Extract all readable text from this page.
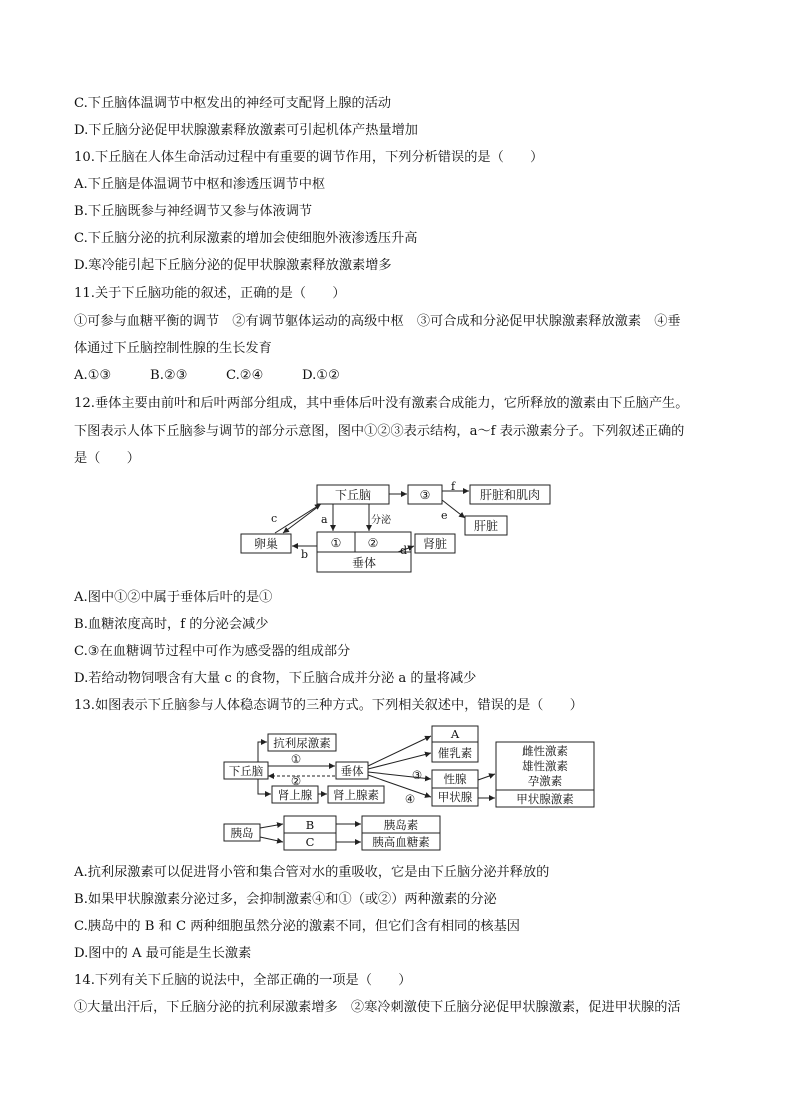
C.下丘脑体温调节中枢发出的神经可支配肾上腺的活动
D.下丘脑分泌促甲状腺激素释放激素可引起机体产热量增加
10.下丘脑在人体生命活动过程中有重要的调节作用，下列分析错误的是（　　）
A.下丘脑是体温调节中枢和渗透压调节中枢
B.下丘脑既参与神经调节又参与体液调节
C.下丘脑分泌的抗利尿激素的增加会使细胞外液渗透压升高
D.寒冷能引起下丘脑分泌的促甲状腺激素释放激素增多
11.关于下丘脑功能的叙述，正确的是（　　）
①可参与血糖平衡的调节　②有调节躯体运动的高级中枢　③可合成和分泌促甲状腺激素释放激素　④垂
体通过下丘脑控制性腺的生长发育
A.①③	B.②③	C.②④	D.①②
12.垂体主要由前叶和后叶两部分组成，其中垂体后叶没有激素合成能力，它所释放的激素由下丘脑产生。
下图表示人体下丘脑参与调节的部分示意图，图中①②③表示结构，a～f 表示激素分子。下列叙述正确的
是（　　）
下丘脑	③	肝脏和肌肉
肝脏
卵巢	① ②
垂体
肾脏
f
e
a	分泌
c
b	d
A.图中①②中属于垂体后叶的是①
B.血糖浓度高时，f 的分泌会减少
C.③在血糖调节过程中可作为感受器的组成部分
D.若给动物饲喂含有大量 c 的食物，下丘脑合成并分泌 a 的量将减少
13.如图表示下丘脑参与人体稳态调节的三种方式。下列相关叙述中，错误的是（　　）
抗利尿激素
下丘脑	垂体
肾上腺 肾上腺素
A
催乳素
性腺
甲状腺
雌性激素
雄性激素
孕激素
甲状腺激素
胰岛
B
C
胰岛素
胰高血糖素
①
②	③
④
A.抗利尿激素可以促进肾小管和集合管对水的重吸收，它是由下丘脑分泌并释放的
B.如果甲状腺激素分泌过多，会抑制激素④和①（或②）两种激素的分泌
C.胰岛中的 B 和 C 两种细胞虽然分泌的激素不同，但它们含有相同的核基因
D.图中的 A 最可能是生长激素
14.下列有关下丘脑的说法中，全部正确的一项是（　　）
①大量出汗后，下丘脑分泌的抗利尿激素增多　②寒冷刺激使下丘脑分泌促甲状腺激素，促进甲状腺的活
